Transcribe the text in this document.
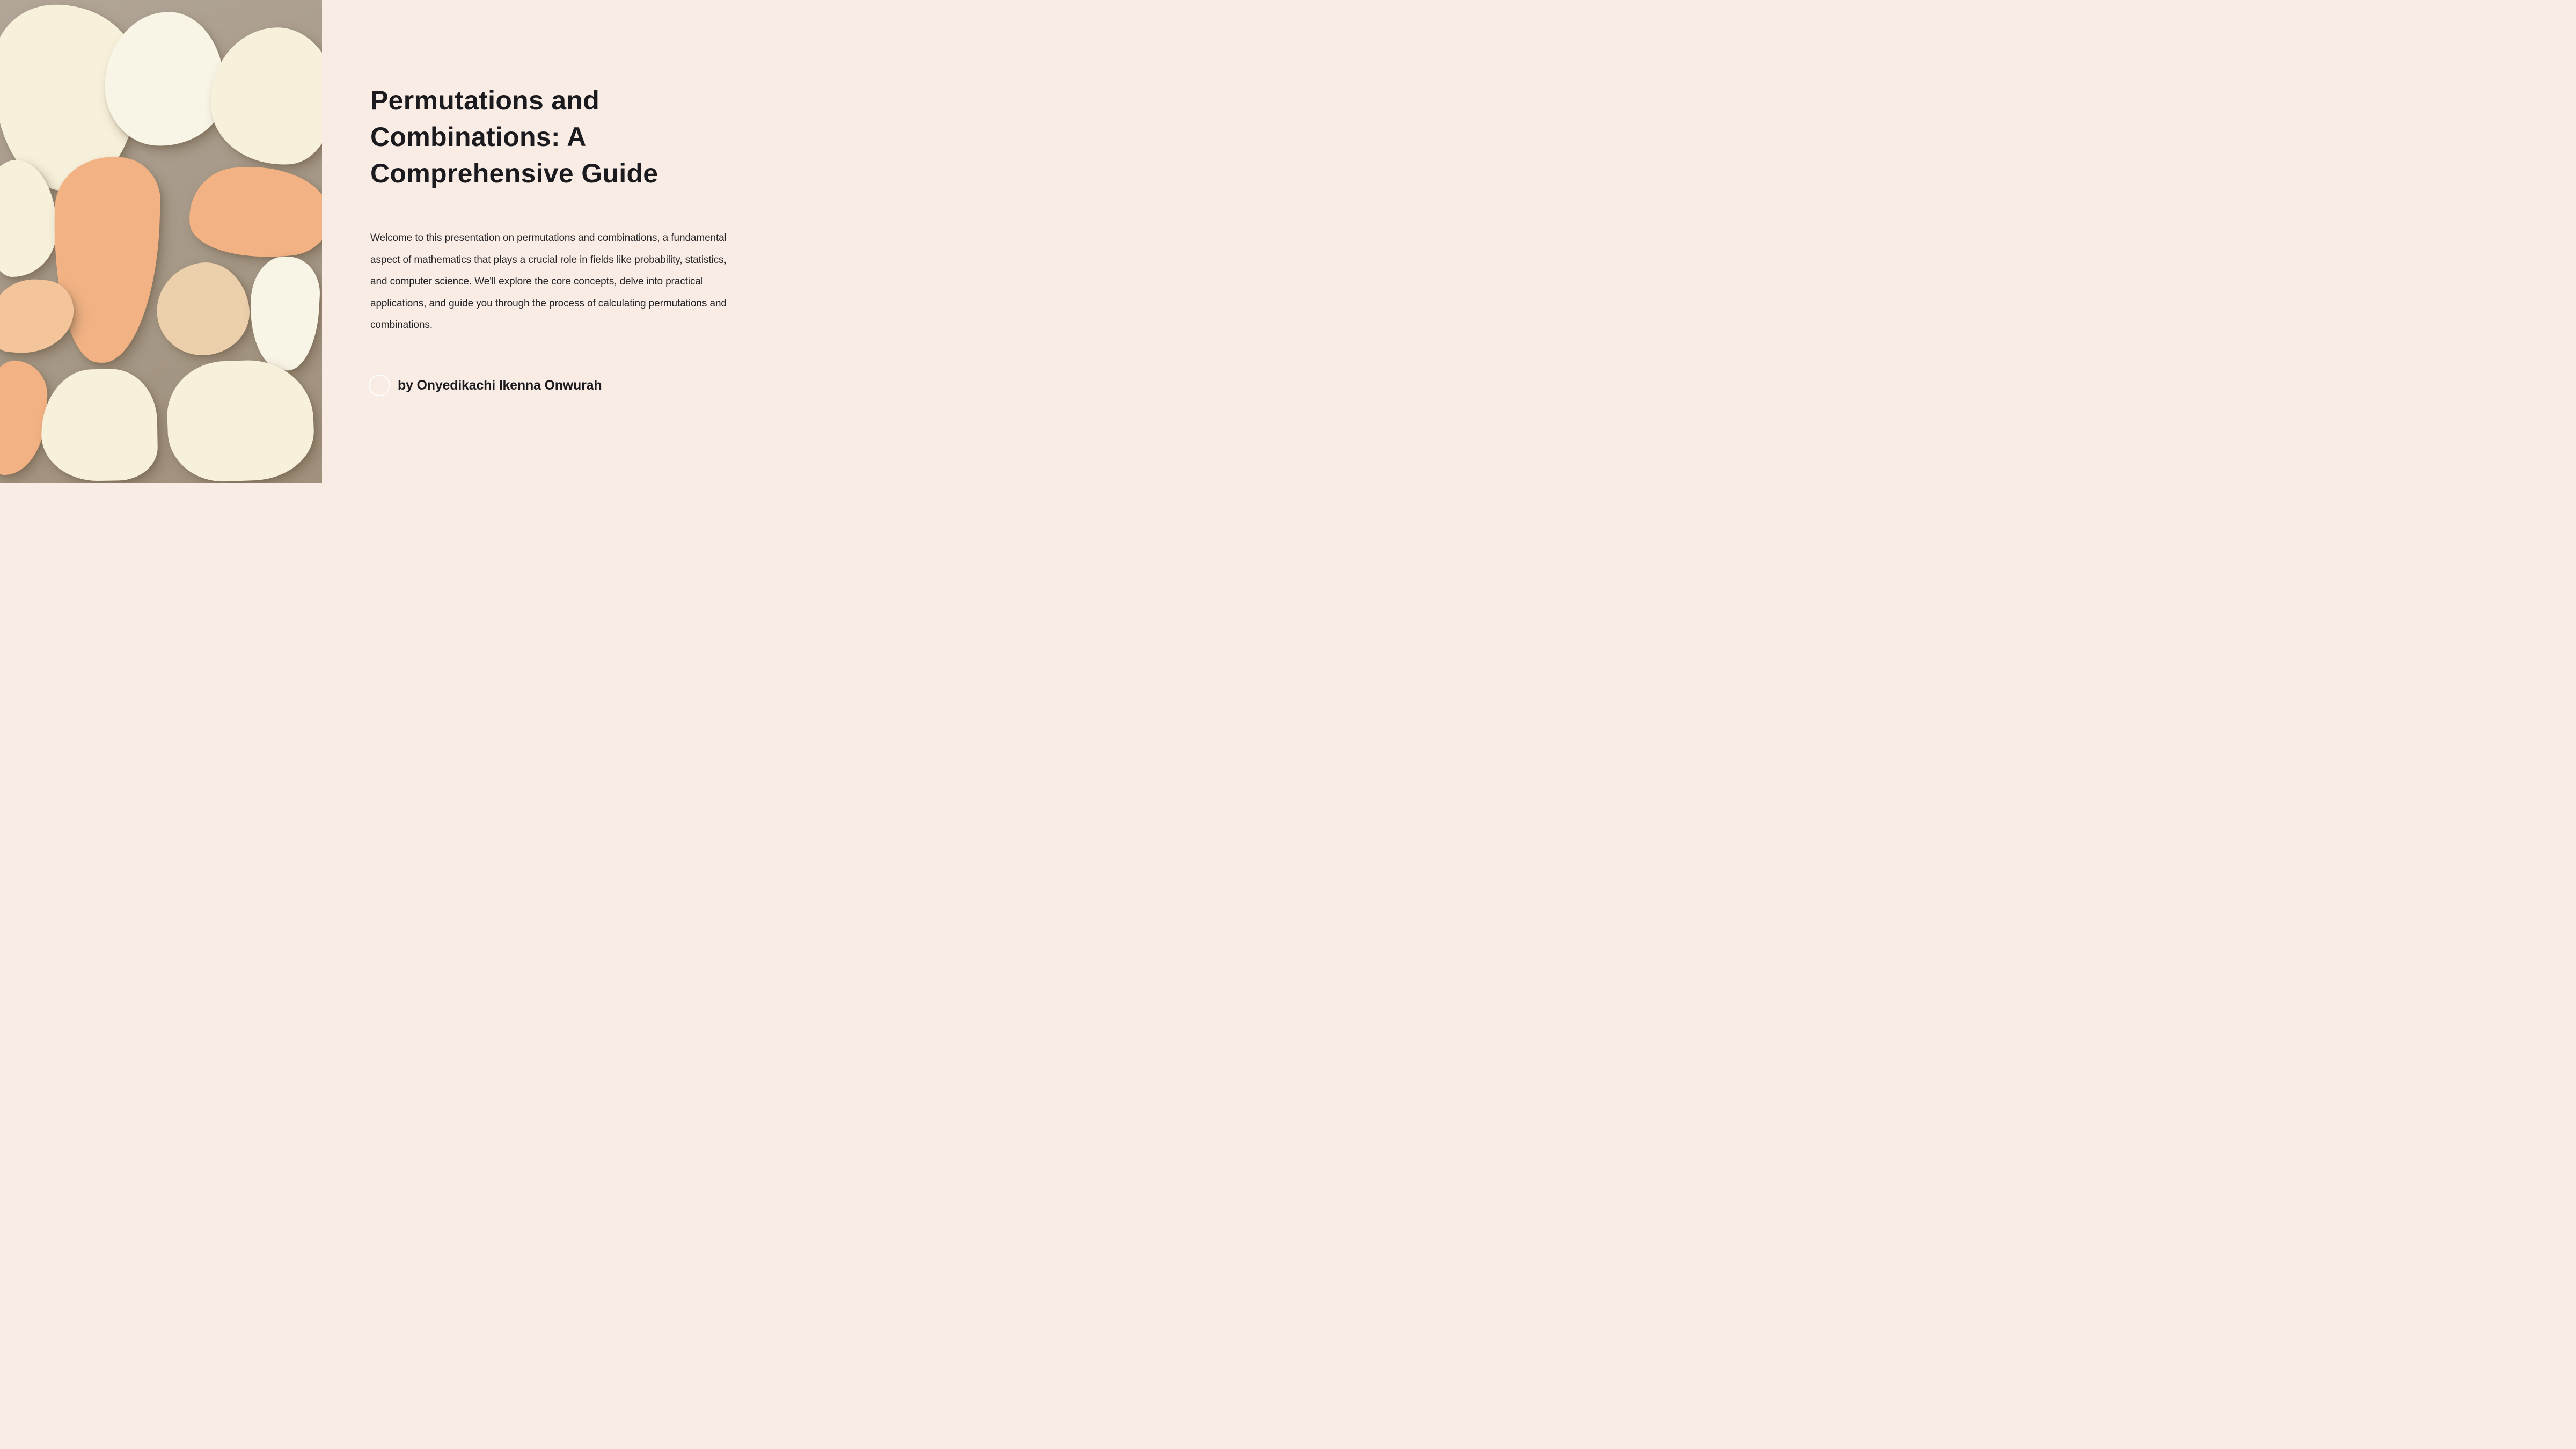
Permutations and
Combinations: A
Comprehensive Guide
Welcome to this presentation on permutations and combinations, a fundamental
aspect of mathematics that plays a crucial role in fields like probability, statistics,
and computer science. We'll explore the core concepts, delve into practical
applications, and guide you through the process of calculating permutations and
combinations.
by Onyedikachi Ikenna Onwurah
